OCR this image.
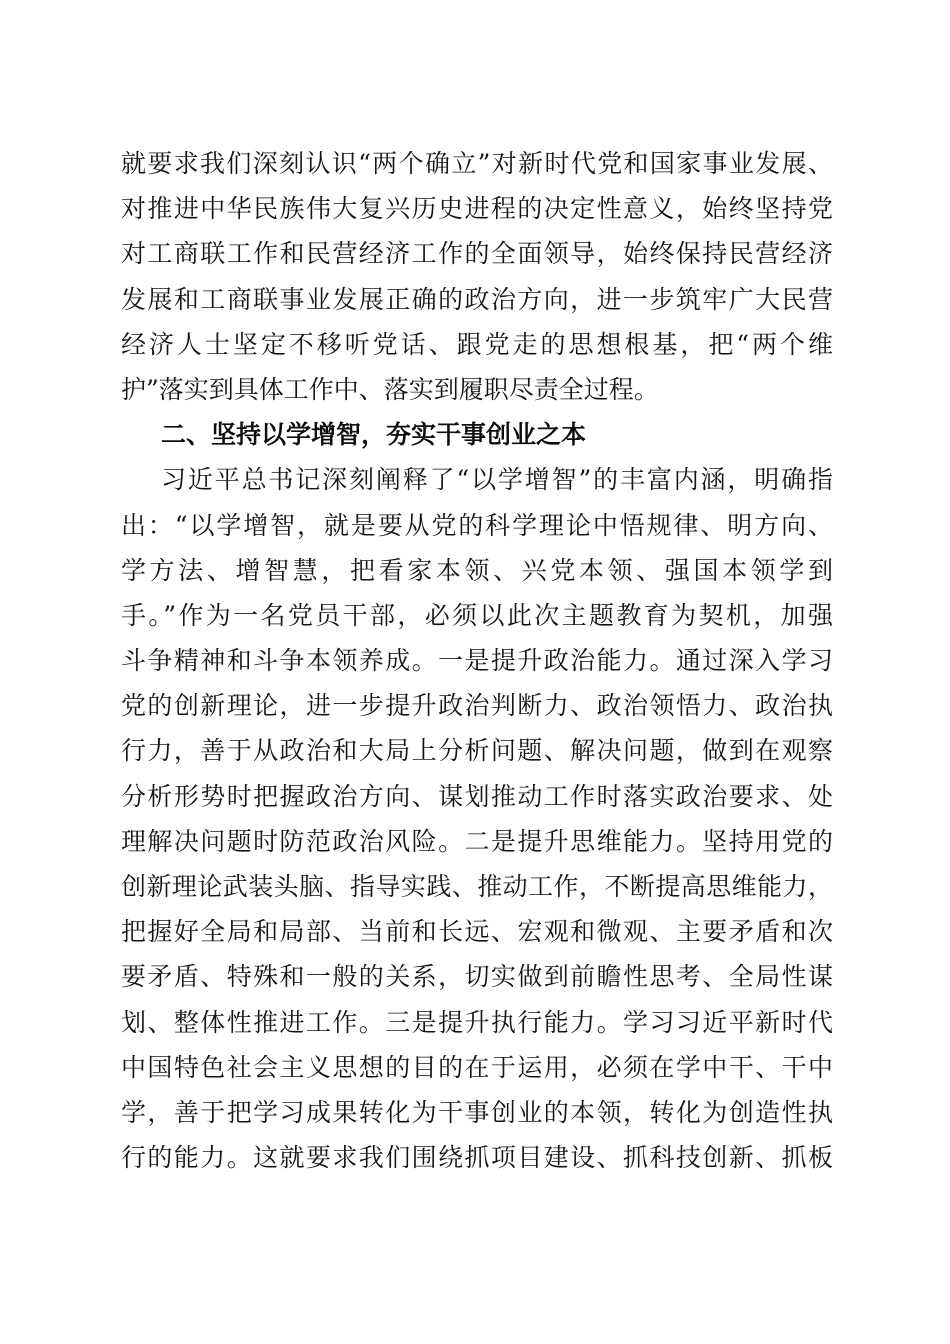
就要求我们深刻认识“两个确立”对新时代党和国家事业发展、
对推进中华民族伟大复兴历史进程的决定性意义，始终坚持党
对工商联工作和民营经济工作的全面领导，始终保持民营经济
发展和工商联事业发展正确的政治方向，进一步筑牢广大民营
经济人士坚定不移听党话、跟党走的思想根基，把“两个维
护”落实到具体工作中、落实到履职尽责全过程。
二、坚持以学增智，夯实干事创业之本
习近平总书记深刻阐释了“以学增智”的丰富内涵，明确指
出：“以学增智，就是要从党的科学理论中悟规律、明方向、
学方法、增智慧，把看家本领、兴党本领、强国本领学到
手。”作为一名党员干部，必须以此次主题教育为契机，加强
斗争精神和斗争本领养成。一是提升政治能力。通过深入学习
党的创新理论，进一步提升政治判断力、政治领悟力、政治执
行力，善于从政治和大局上分析问题、解决问题，做到在观察
分析形势时把握政治方向、谋划推动工作时落实政治要求、处
理解决问题时防范政治风险。二是提升思维能力。坚持用党的
创新理论武装头脑、指导实践、推动工作，不断提高思维能力，
把握好全局和局部、当前和长远、宏观和微观、主要矛盾和次
要矛盾、特殊和一般的关系，切实做到前瞻性思考、全局性谋
划、整体性推进工作。三是提升执行能力。学习习近平新时代
中国特色社会主义思想的目的在于运用，必须在学中干、干中
学，善于把学习成果转化为干事创业的本领，转化为创造性执
行的能力。这就要求我们围绕抓项目建设、抓科技创新、抓板
